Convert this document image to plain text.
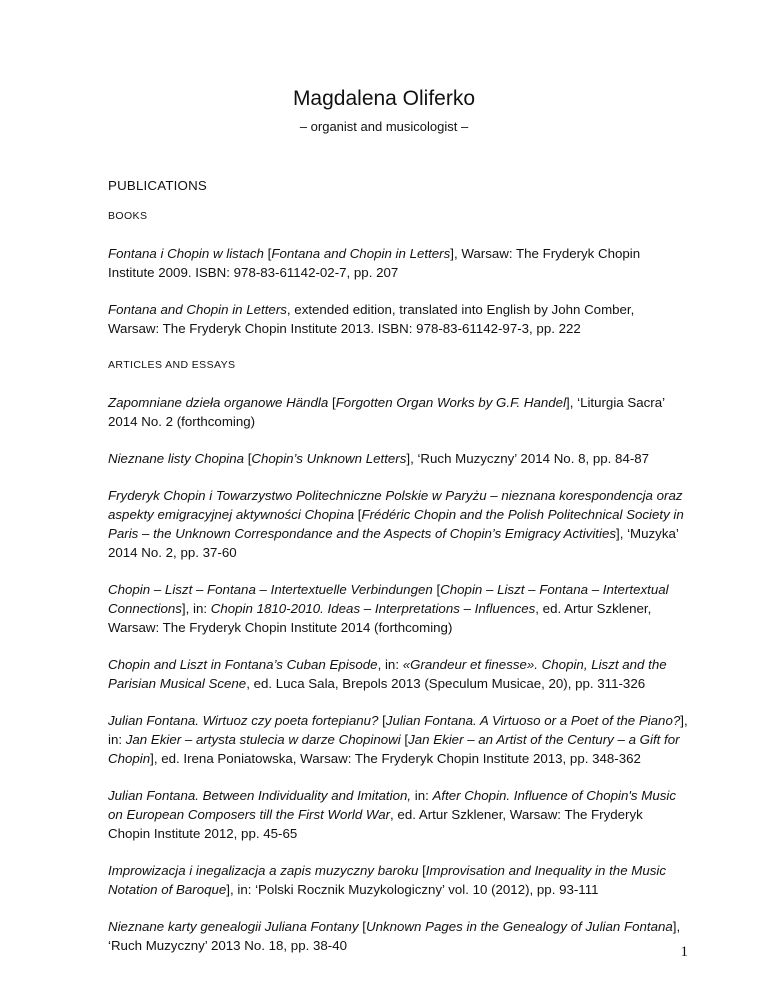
Magdalena Oliferko
– organist and musicologist –
PUBLICATIONS
BOOKS
Fontana i Chopin w listach [Fontana and Chopin in Letters], Warsaw: The Fryderyk Chopin Institute 2009. ISBN: 978-83-61142-02-7, pp. 207
Fontana and Chopin in Letters, extended edition, translated into English by John Comber, Warsaw: The Fryderyk Chopin Institute 2013. ISBN: 978-83-61142-97-3, pp. 222
ARTICLES AND ESSAYS
Zapomniane dzieła organowe Händla [Forgotten Organ Works by G.F. Handel], ‘Liturgia Sacra’ 2014 No. 2 (forthcoming)
Nieznane listy Chopina [Chopin’s Unknown Letters], ‘Ruch Muzyczny’ 2014 No. 8, pp. 84-87
Fryderyk Chopin i Towarzystwo Politechniczne Polskie w Paryżu – nieznana korespondencja oraz aspekty emigracyjnej aktywności Chopina [Frédéric Chopin and the Polish Politechnical Society in Paris – the Unknown Correspondance and the Aspects of Chopin’s Emigracy Activities], ‘Muzyka’ 2014 No. 2, pp. 37-60
Chopin – Liszt – Fontana – Intertextuelle Verbindungen [Chopin – Liszt – Fontana – Intertextual Connections], in: Chopin 1810-2010. Ideas – Interpretations – Influences, ed. Artur Szklener, Warsaw: The Fryderyk Chopin Institute 2014 (forthcoming)
Chopin and Liszt in Fontana’s Cuban Episode, in: «Grandeur et finesse». Chopin, Liszt and the Parisian Musical Scene, ed. Luca Sala, Brepols 2013 (Speculum Musicae, 20), pp. 311-326
Julian Fontana. Wirtuoz czy poeta fortepianu? [Julian Fontana. A Virtuoso or a Poet of the Piano?], in: Jan Ekier – artysta stulecia w darze Chopinowi [Jan Ekier – an Artist of the Century – a Gift for Chopin], ed. Irena Poniatowska, Warsaw: The Fryderyk Chopin Institute 2013, pp. 348-362
Julian Fontana. Between Individuality and Imitation, in: After Chopin. Influence of Chopin's Music on European Composers till the First World War, ed. Artur Szklener, Warsaw: The Fryderyk Chopin Institute 2012, pp. 45-65
Improwizacja i inegalizacja a zapis muzyczny baroku [Improvisation and Inequality in the Music Notation of Baroque], in: ‘Polski Rocznik Muzykologiczny’ vol. 10 (2012), pp. 93-111
Nieznane karty genealogii Juliana Fontany [Unknown Pages in the Genealogy of Julian Fontana], ‘Ruch Muzyczny’ 2013 No. 18, pp. 38-40	1
